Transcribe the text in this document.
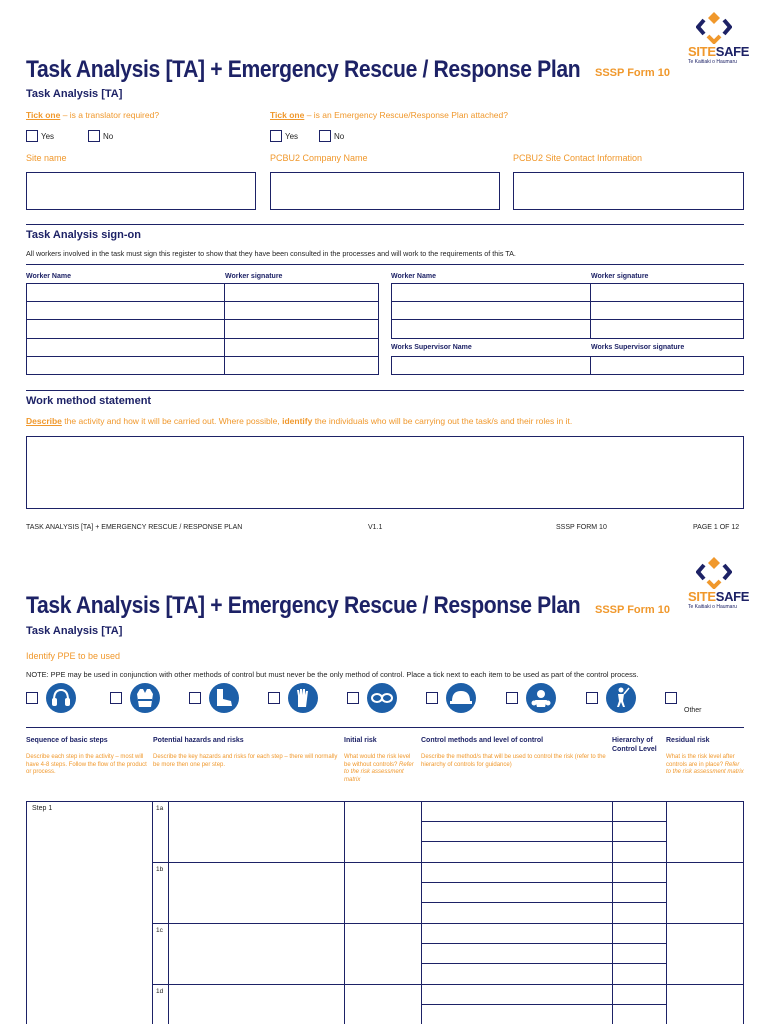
Task Analysis [TA] + Emergency Rescue / Response Plan SSSP Form 10
SITESAFE
Te Kaitiaki o Haumaru
Task Analysis [TA]
Tick one – is a translator required?
Yes	No
Tick one – is an Emergency Rescue/Response Plan attached?
Yes	No
Site name	PCBU2 Company Name	PCBU2 Site Contact Information
Task Analysis sign-on
All workers involved in the task must sign this register to show that they have been consulted in the processes and will work to the requirements of this TA.
Worker Name	Worker signature	Worker Name	Worker signature
Works Supervisor Name	Works Supervisor signature
Work method statement
Describe the activity and how it will be carried out. Where possible, identify the individuals who will be carrying out the task/s and their roles in it.
TASK ANALYSIS [TA] + EMERGENCY RESCUE / RESPONSE PLAN	V1.1	SSSP FORM 10	PAGE 1 OF 12
Task Analysis [TA] + Emergency Rescue / Response Plan SSSP Form 10
SITESAFE
Te Kaitiaki o Haumaru
Task Analysis [TA]
Identify PPE to be used
NOTE: PPE may be used in conjunction with other methods of control but must never be the only method of control. Place a tick next to each item to be used as part of the control process.
Other
Sequence of basic steps
Describe each step in the activity – most will have 4-8 steps. Follow the flow of the product or process.
Potential hazards and risks
Describe the key hazards and risks for each step – there will normally be more then one per step.
Initial risk
What would the risk level be without controls? Refer to the risk assessment matrix
Control methods and level of control
Describe the method/s that will be used to control the risk (refer to the hierarchy of controls for guidance)
Hierarchy of Control Level
Residual risk
What is the risk level after controls are in place? Refer to the risk assessment matrix
Step 1	1a
1b
1c
1d
